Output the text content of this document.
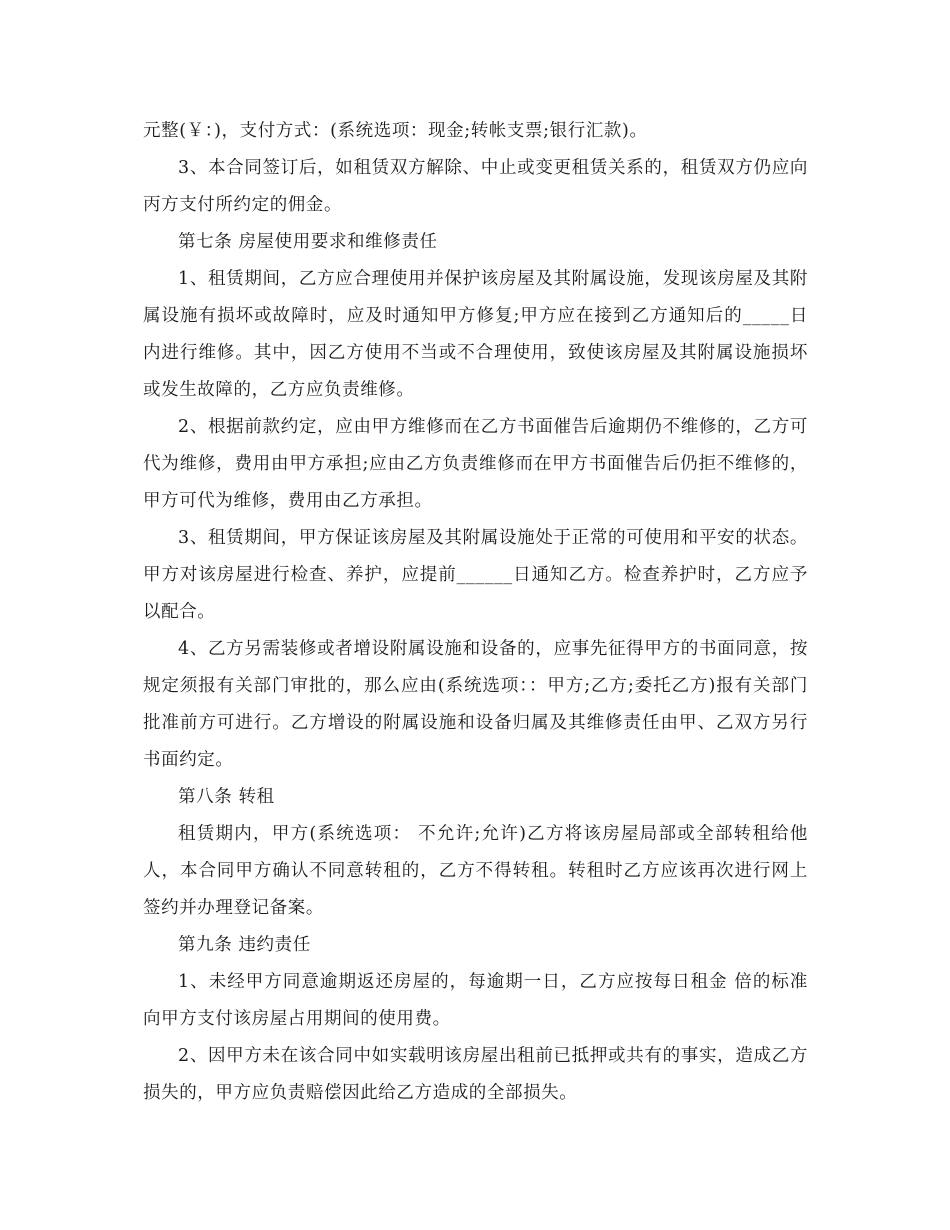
元整(￥：)，支付方式：(系统选项：现金;转帐支票;银行汇款)。

3、本合同签订后，如租赁双方解除、中止或变更租赁关系的，租赁双方仍应向丙方支付所约定的佣金。

第七条 房屋使用要求和维修责任

1、租赁期间，乙方应合理使用并保护该房屋及其附属设施，发现该房屋及其附属设施有损坏或故障时，应及时通知甲方修复;甲方应在接到乙方通知后的_____日内进行维修。其中，因乙方使用不当或不合理使用，致使该房屋及其附属设施损坏或发生故障的，乙方应负责维修。

2、根据前款约定，应由甲方维修而在乙方书面催告后逾期仍不维修的，乙方可代为维修，费用由甲方承担;应由乙方负责维修而在甲方书面催告后仍拒不维修的，甲方可代为维修，费用由乙方承担。

3、租赁期间，甲方保证该房屋及其附属设施处于正常的可使用和平安的状态。甲方对该房屋进行检查、养护，应提前______日通知乙方。检查养护时，乙方应予以配合。

4、乙方另需装修或者增设附属设施和设备的，应事先征得甲方的书面同意，按规定须报有关部门审批的，那么应由(系统选项：：甲方;乙方;委托乙方)报有关部门批准前方可进行。乙方增设的附属设施和设备归属及其维修责任由甲、乙双方另行书面约定。

第八条 转租

租赁期内，甲方(系统选项： 不允许;允许)乙方将该房屋局部或全部转租给他人，本合同甲方确认不同意转租的，乙方不得转租。转租时乙方应该再次进行网上签约并办理登记备案。

第九条 违约责任

1、未经甲方同意逾期返还房屋的，每逾期一日，乙方应按每日租金 倍的标准向甲方支付该房屋占用期间的使用费。

2、因甲方未在该合同中如实载明该房屋出租前已抵押或共有的事实，造成乙方损失的，甲方应负责赔偿因此给乙方造成的全部损失。
